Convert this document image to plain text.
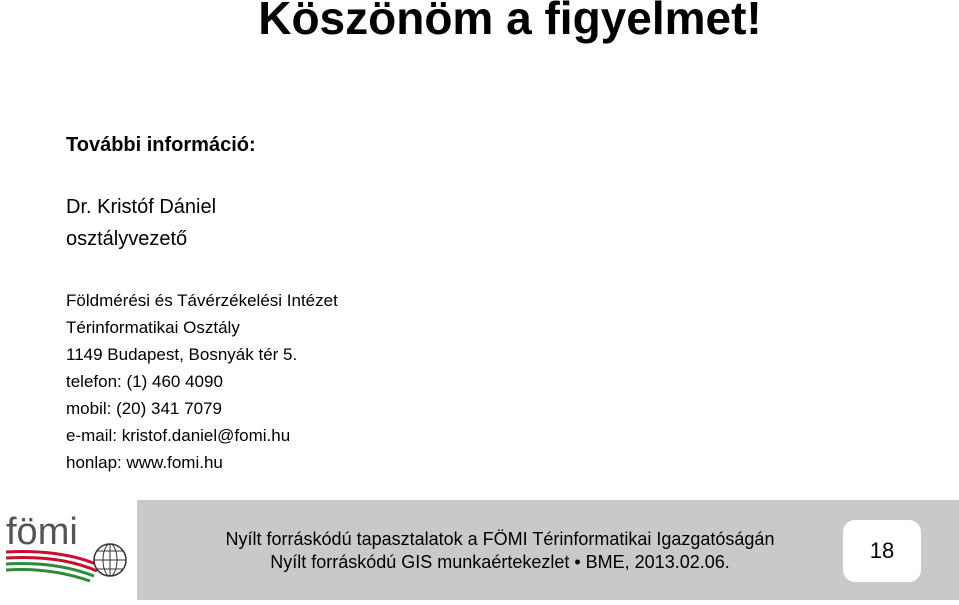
Köszönöm a figyelmet!
További információ:
Dr. Kristóf Dániel
osztályvezető
Földmérési és Távérzékelési Intézet
Térinformatikai Osztály
1149 Budapest, Bosnyák tér 5.
telefon: (1) 460 4090
mobil: (20) 341 7079
e-mail: kristof.daniel@fomi.hu
honlap: www.fomi.hu
fömi	Nyílt forráskódú tapasztalatok a FÖMI Térinformatikai Igazgatóságán
Nyílt forráskódú GIS munkaértekezlet • BME, 2013.02.06.	18
